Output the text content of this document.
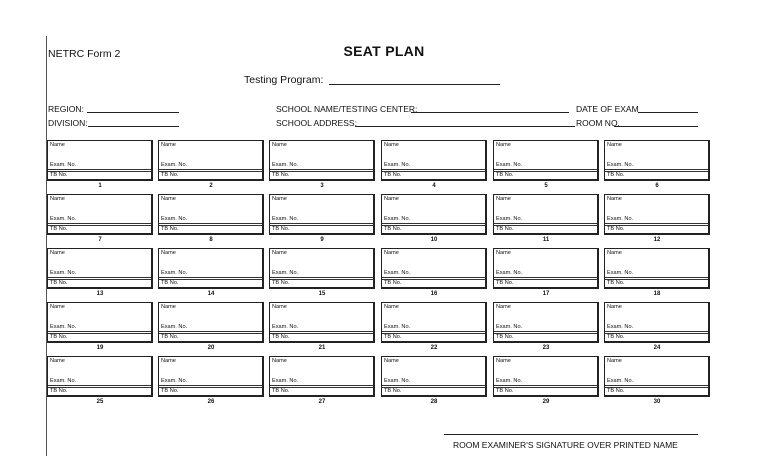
NETRC Form 2	SEAT PLAN
Testing Program:
REGION:
DIVISION:
SCHOOL NAME/TESTING CENTER:
SCHOOL ADDRESS:
DATE OF EXAM
ROOM NO.
Name
Exam. No.
TB No.
1
Name
Exam. No.
TB No.
2
Name
Exam. No.
TB No.
3
Name
Exam. No.
TB No.
4
Name
Exam. No.
TB No.
5
Name
Exam. No.
TB No.
6
Name
Exam. No.
TB No.
7
Name
Exam. No.
TB No.
8
Name
Exam. No.
TB No.
9
Name
Exam. No.
TB No.
10
Name
Exam. No.
TB No.
11
Name
Exam. No.
TB No.
12
Name
Exam. No.
TB No.
13
Name
Exam. No.
TB No.
14
Name
Exam. No.
TB No.
15
Name
Exam. No.
TB No.
16
Name
Exam. No.
TB No.
17
Name
Exam. No.
TB No.
18
Name
Exam. No.
TB No.
19
Name
Exam. No.
TB No.
20
Name
Exam. No.
TB No.
21
Name
Exam. No.
TB No.
22
Name
Exam. No.
TB No.
23
Name
Exam. No.
TB No.
24
Name
Exam. No.
TB No.
25
Name
Exam. No.
TB No.
26
Name
Exam. No.
TB No.
27
Name
Exam. No.
TB No.
28
Name
Exam. No.
TB No.
29
Name
Exam. No.
TB No.
30
ROOM EXAMINER'S SIGNATURE OVER PRINTED NAME
